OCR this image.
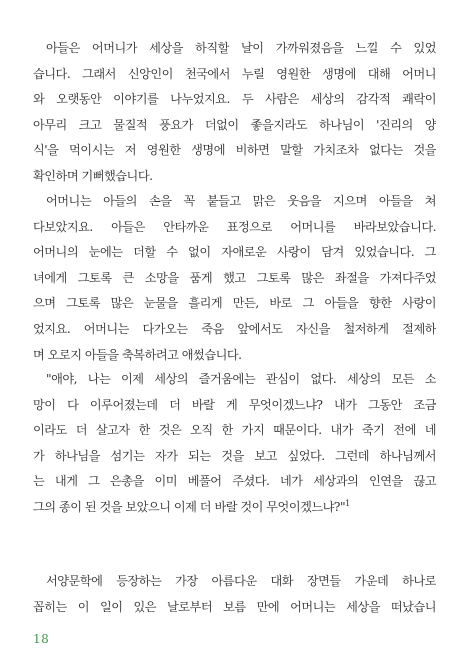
아들은 어머니가 세상을 하직할 날이 가까워졌음을 느낄 수 있었
습니다. 그래서 신앙인이 천국에서 누릴 영원한 생명에 대해 어머니
와 오랫동안 이야기를 나누었지요. 두 사람은 세상의 감각적 쾌락이
아무리 크고 물질적 풍요가 더없이 좋을지라도 하나님이 '진리의 양
식'을 먹이시는 저 영원한 생명에 비하면 말할 가치조차 없다는 것을
확인하며 기뻐했습니다.
어머니는 아들의 손을 꼭 붙들고 맑은 웃음을 지으며 아들을 쳐
다보았지요. 아들은 안타까운 표정으로 어머니를 바라보았습니다.
어머니의 눈에는 더할 수 없이 자애로운 사랑이 담겨 있었습니다. 그
녀에게 그토록 큰 소망을 품게 했고 그토록 많은 좌절을 가져다주었
으며 그토록 많은 눈물을 흘리게 만든, 바로 그 아들을 향한 사랑이
었지요. 어머니는 다가오는 죽음 앞에서도 자신을 철저하게 절제하
며 오로지 아들을 축복하려고 애썼습니다.
"애야, 나는 이제 세상의 즐거움에는 관심이 없다. 세상의 모든 소
망이 다 이루어졌는데 더 바랄 게 무엇이겠느냐? 내가 그동안 조금
이라도 더 살고자 한 것은 오직 한 가지 때문이다. 내가 죽기 전에 네
가 하나님을 섬기는 자가 되는 것을 보고 싶었다. 그런데 하나님께서
는 내게 그 은총을 이미 베풀어 주셨다. 네가 세상과의 인연을 끊고
그의 종이 된 것을 보았으니 이제 더 바랄 것이 무엇이겠느냐?"$^1$
서양문학에 등장하는 가장 아름다운 대화 장면들 가운데 하나로
꼽히는 이 일이 있은 날로부터 보름 만에 어머니는 세상을 떠났습니
18
